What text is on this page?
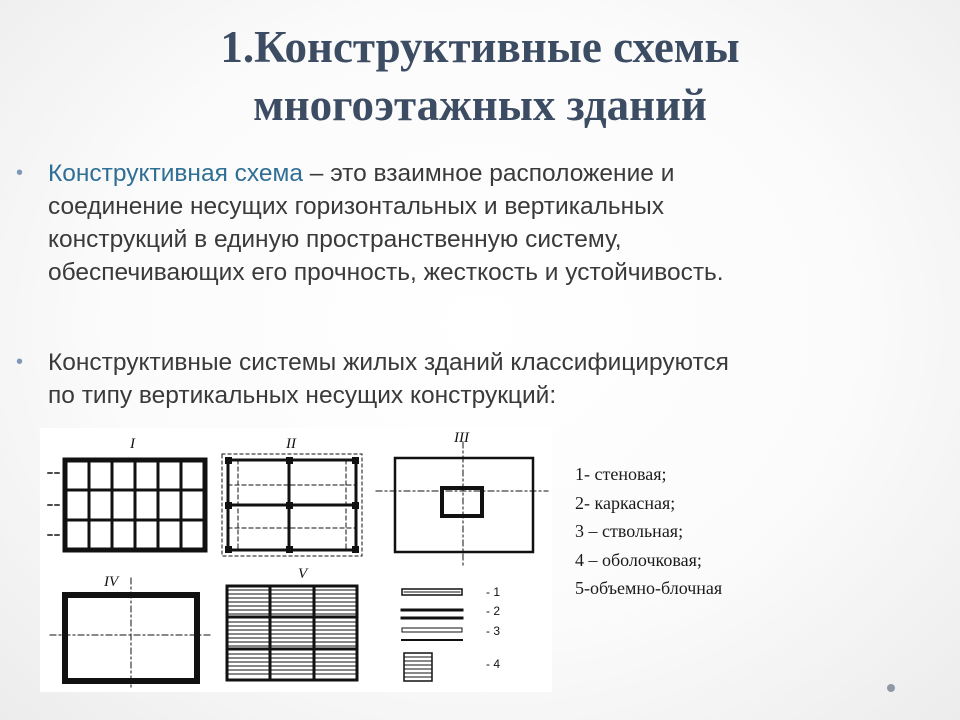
1.Конструктивные схемы
многоэтажных зданий
• Конструктивная схема – это взаимное расположение и
соединение несущих горизонтальных и вертикальных
конструкций в единую пространственную систему,
обеспечивающих его прочность, жесткость и устойчивость.
• Конструктивные системы жилых зданий классифицируются
по типу вертикальных несущих конструкций:
I	II	III
IV	V
- 1
- 2
- 3
- 4
1- стеновая;
2- каркасная;
3 – ствольная;
4 – оболочковая;
5-объемно-блочная
